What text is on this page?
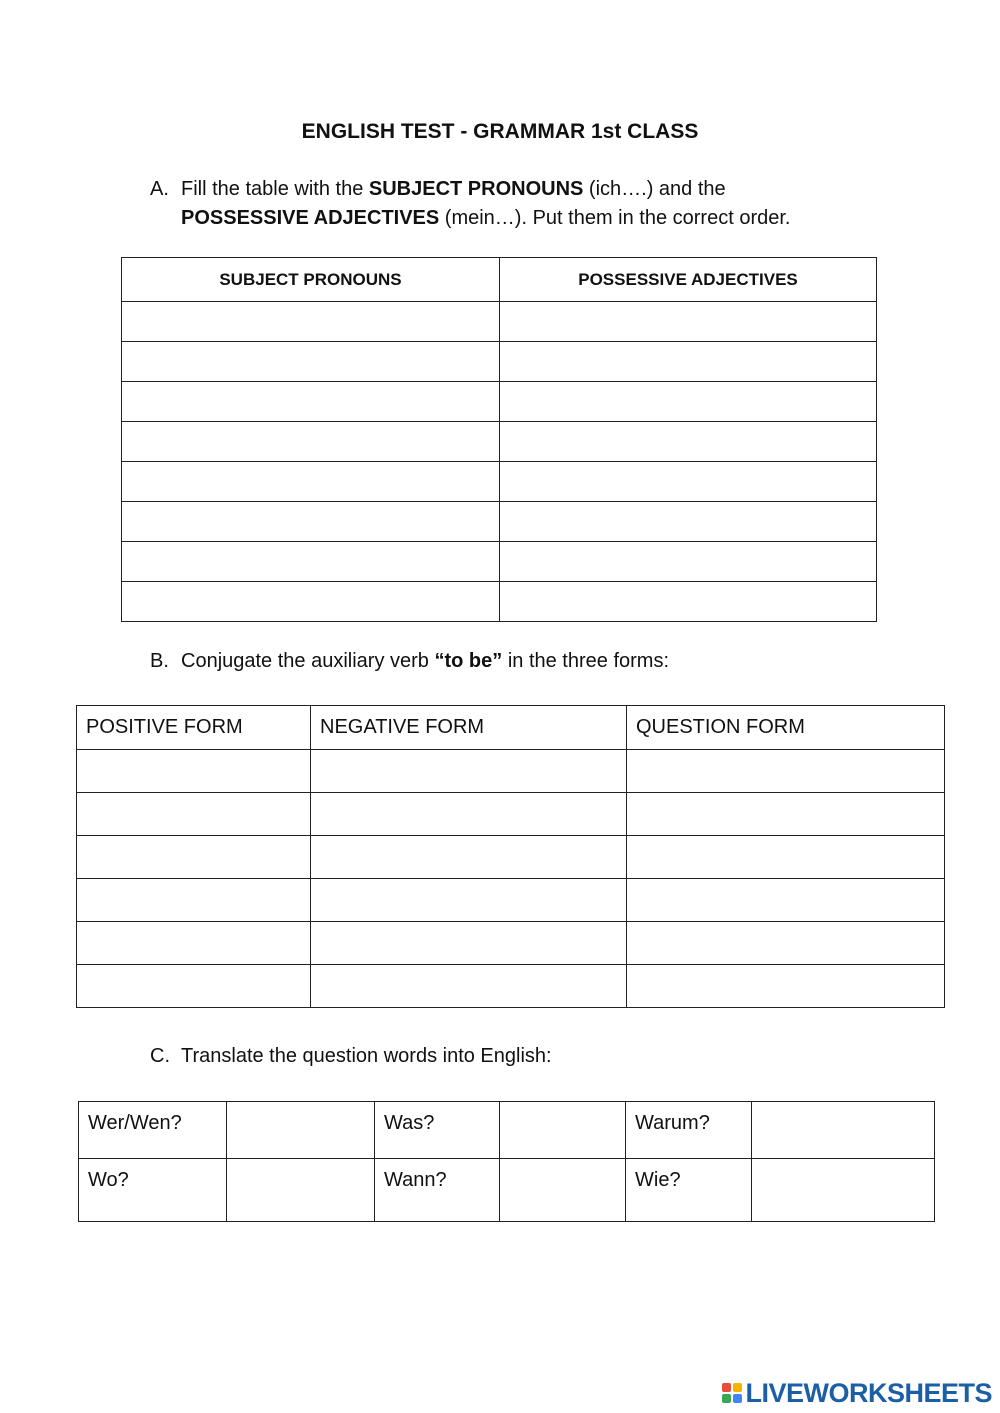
ENGLISH TEST - GRAMMAR 1st CLASS
A. Fill the table with the SUBJECT PRONOUNS (ich….) and the
POSSESSIVE ADJECTIVES (mein…). Put them in the correct order.
SUBJECT PRONOUNS	POSSESSIVE ADJECTIVES

B. Conjugate the auxiliary verb “to be” in the three forms:
POSITIVE FORM	NEGATIVE FORM	QUESTION FORM

C. Translate the question words into English:
Wer/Wen?		Was?		Warum?	
Wo?		Wann?		Wie?	
LIVEWORKSHEETS
